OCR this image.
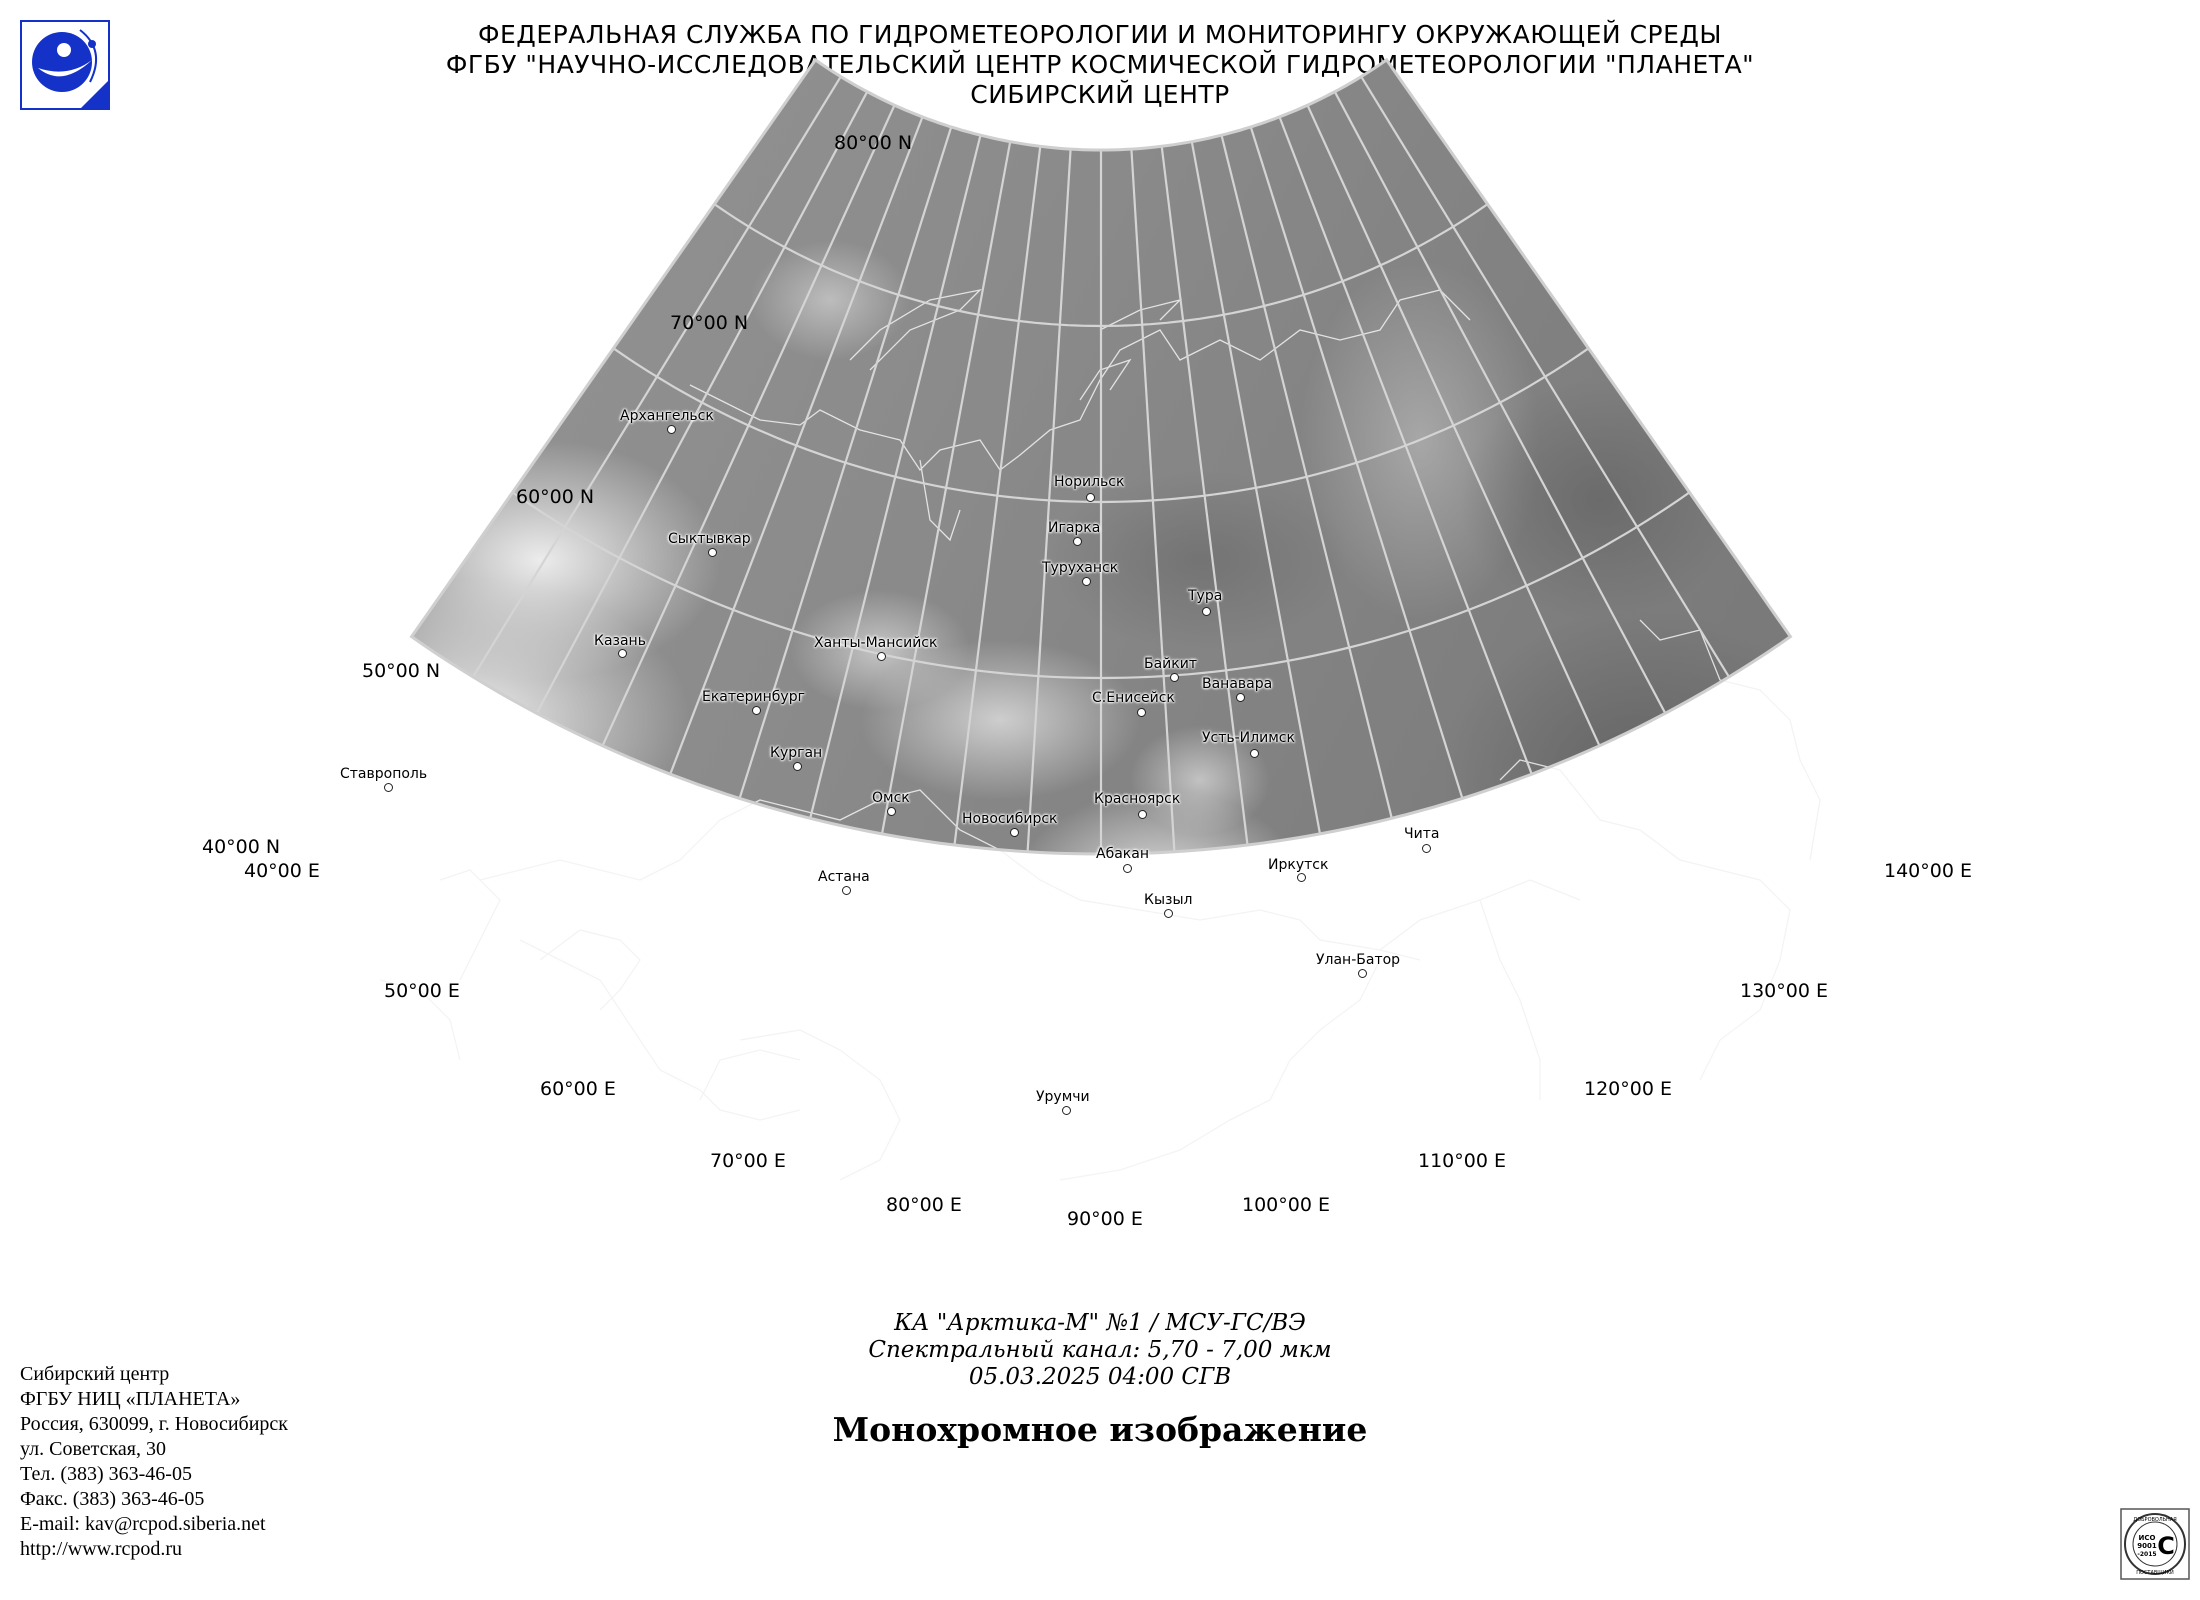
ФЕДЕРАЛЬНАЯ СЛУЖБА ПО ГИДРОМЕТЕОРОЛОГИИ И МОНИТОРИНГУ ОКРУЖАЮЩЕЙ СРЕДЫ
ФГБУ "НАУЧНО-ИССЛЕДОВАТЕЛЬСКИЙ ЦЕНТР КОСМИЧЕСКОЙ ГИДРОМЕТЕОРОЛОГИИ "ПЛАНЕТА"
СИБИРСКИЙ ЦЕНТР
80°00 N
70°00 N
60°00 N
50°00 N
40°00 N
40°00 E
50°00 E
60°00 E
70°00 E
80°00 E
90°00 E
100°00 E
110°00 E
120°00 E
130°00 E
140°00 E
Архангельск
Сыктывкар
Казань
Ставрополь
Екатеринбург
Ханты-Мансийск
Курган
Омск
Астана
Новосибирск
Норильск
Игарка
Туруханск
Тура
Байкит
С.Енисейск
Ванавара
Усть-Илимск
Красноярск
Абакан
Кызыл
Иркутск
Чита
Улан-Батор
Урумчи
КА "Арктика-М" №1 / МСУ-ГС/ВЭ
Спектральный канал: 5,70 - 7,00 мкм
05.03.2025 04:00 СГВ
Монохромное изображение
Сибирский центр
ФГБУ НИЦ «ПЛАНЕТА»
Россия, 630099, г. Новосибирск
ул. Советская, 30
Тел. (383) 363-46-05
Факс. (383) 363-46-05
E-mail: kav@rcpod.siberia.net
http://www.rcpod.ru
ДОБРОВОЛЬНАЯ
ПОСТАВЩИКИ
ИСО
9001
-2015 С
